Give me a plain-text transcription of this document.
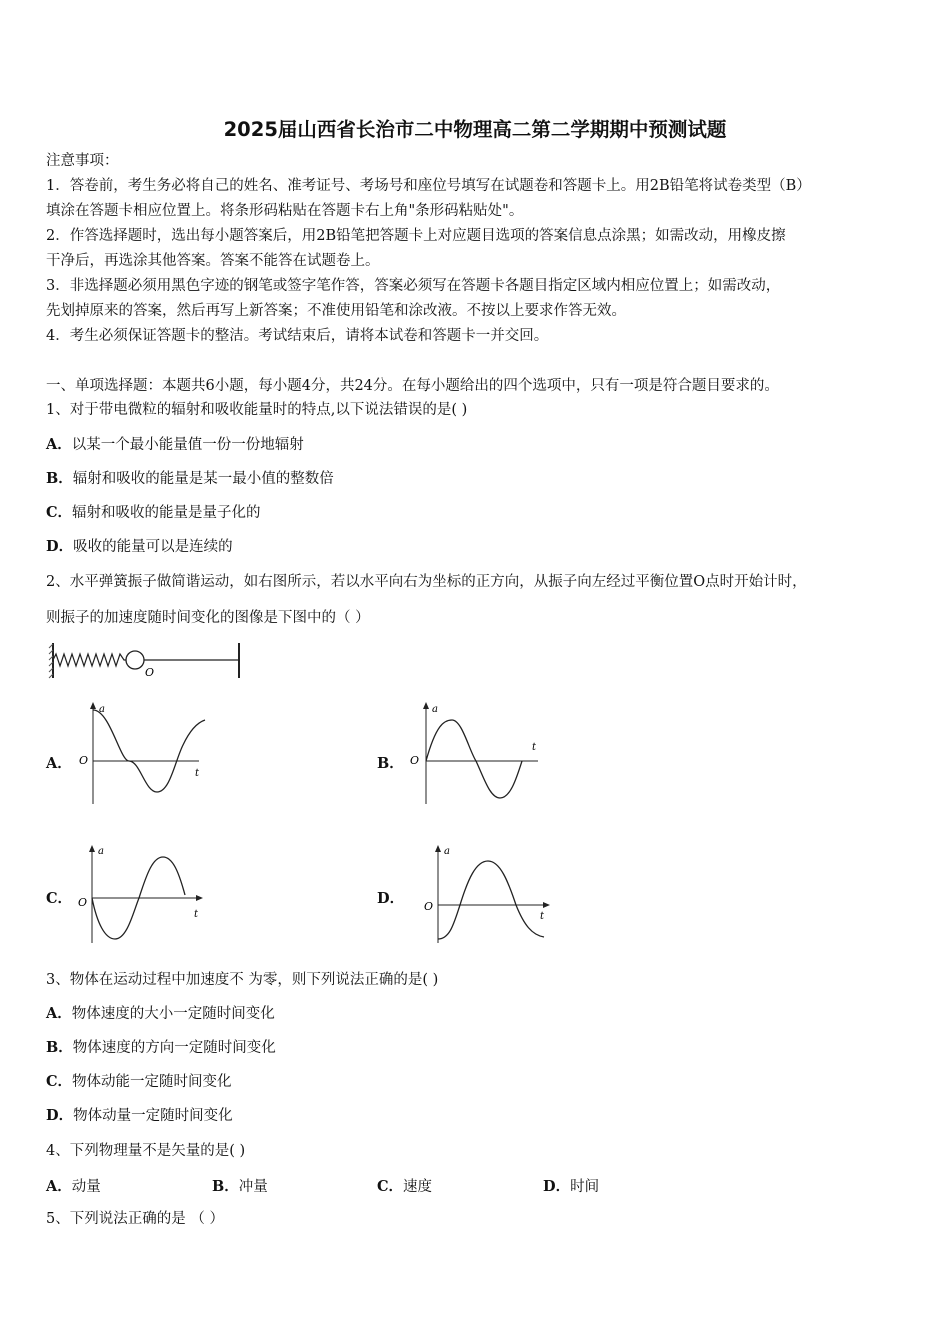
2025届山西省长治市二中物理高二第二学期期中预测试题
注意事项：
1．答卷前，考生务必将自己的姓名、准考证号、考场号和座位号填写在试题卷和答题卡上。用2B铅笔将试卷类型（B）
填涂在答题卡相应位置上。将条形码粘贴在答题卡右上角"条形码粘贴处"。
2．作答选择题时，选出每小题答案后，用2B铅笔把答题卡上对应题目选项的答案信息点涂黑；如需改动，用橡皮擦
干净后，再选涂其他答案。答案不能答在试题卷上。
3．非选择题必须用黑色字迹的钢笔或签字笔作答，答案必须写在答题卡各题目指定区域内相应位置上；如需改动，
先划掉原来的答案，然后再写上新答案；不准使用铅笔和涂改液。不按以上要求作答无效。
4．考生必须保证答题卡的整洁。考试结束后，请将本试卷和答题卡一并交回。
一、单项选择题：本题共6小题，每小题4分，共24分。在每小题给出的四个选项中，只有一项是符合题目要求的。
1、对于带电微粒的辐射和吸收能量时的特点,以下说法错误的是( )
A．以某一个最小能量值一份一份地辐射
B．辐射和吸收的能量是某一最小值的整数倍
C．辐射和吸收的能量是量子化的
D．吸收的能量可以是连续的
2、水平弹簧振子做简谐运动，如右图所示，若以水平向右为坐标的正方向，从振子向左经过平衡位置O点时开始计时，
则振子的加速度随时间变化的图像是下图中的（ ）
O
A．
a
O
t
B．
a
O
t
C．
a
O
t
D．
a
O
t
3、物体在运动过程中加速度不 为零，则下列说法正确的是( )
A．物体速度的大小一定随时间变化
B．物体速度的方向一定随时间变化
C．物体动能一定随时间变化
D．物体动量一定随时间变化
4、下列物理量不是矢量的是( )
A．动量	B．冲量	C．速度	D．时间
5、下列说法正确的是 （ ）
